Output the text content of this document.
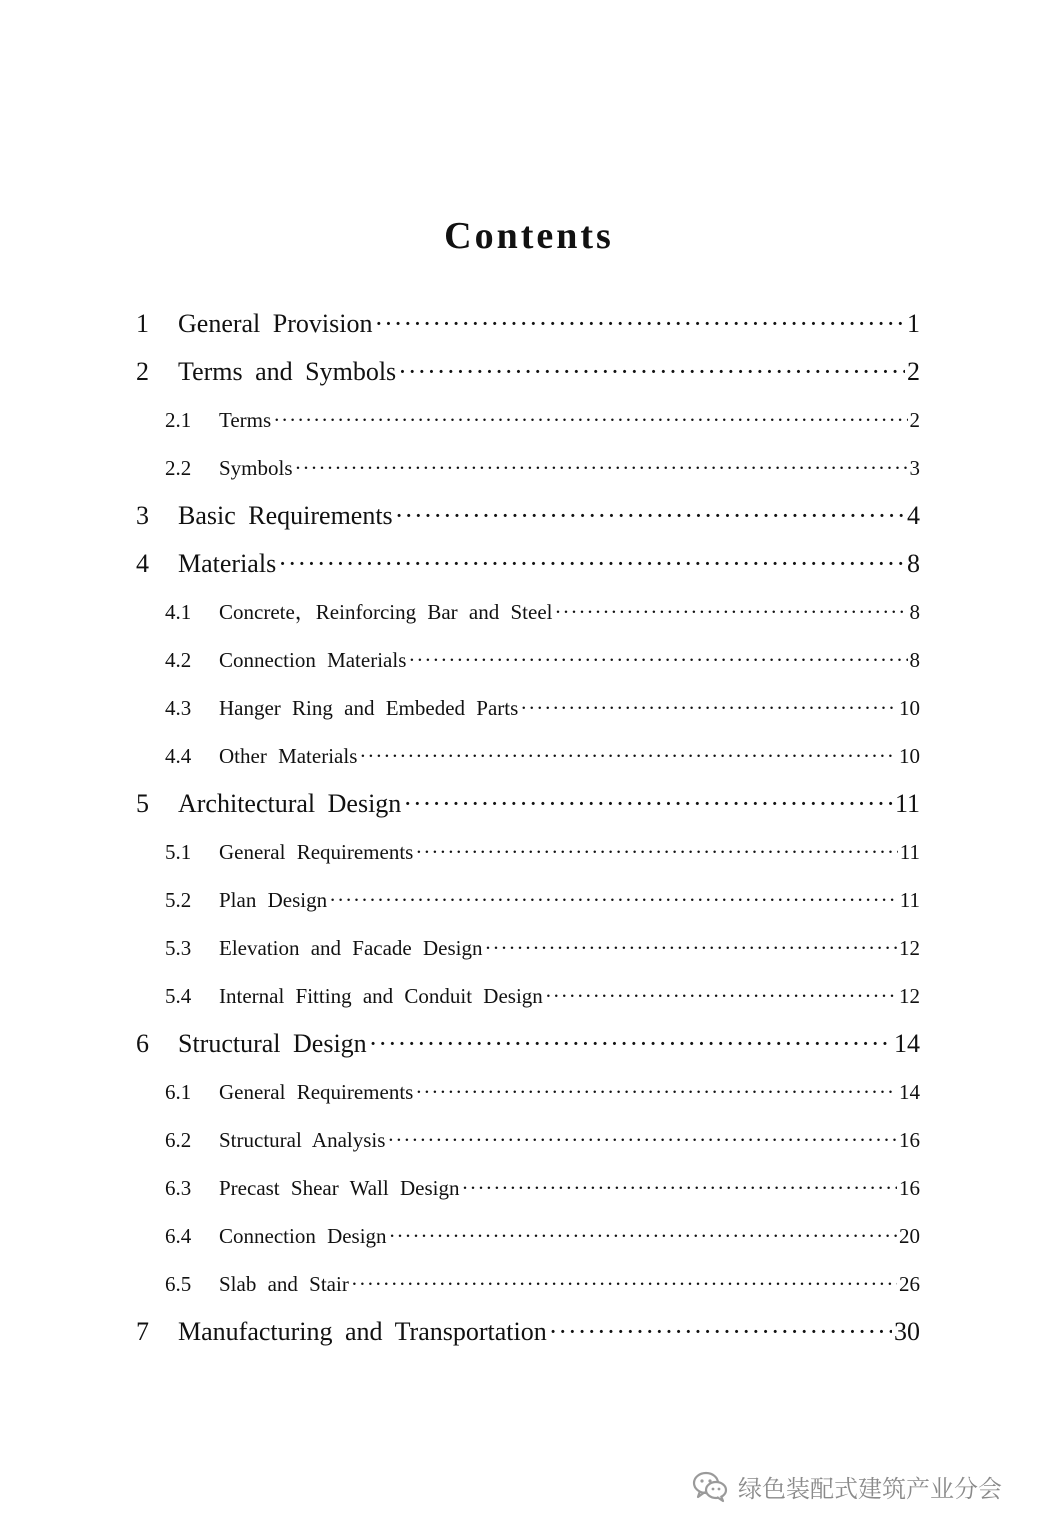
Contents
1	General Provision ·····	1
2	Terms and Symbols ·····	2
2.1	Terms ·····	2
2.2	Symbols ·····	3
3	Basic Requirements ·····	4
4	Materials ·····	8
4.1	Concrete，Reinforcing Bar and Steel ·····	8
4.2	Connection Materials ·····	8
4.3	Hanger Ring and Embeded Parts ·····	10
4.4	Other Materials ·····	10
5	Architectural Design ·····	11
5.1	General Requirements ·····	11
5.2	Plan Design ·····	11
5.3	Elevation and Facade Design ·····	12
5.4	Internal Fitting and Conduit Design ·····	12
6	Structural Design ·····	14
6.1	General Requirements ·····	14
6.2	Structural Analysis ·····	16
6.3	Precast Shear Wall Design ·····	16
6.4	Connection Design ·····	20
6.5	Slab and Stair ·····	26
7	Manufacturing and Transportation ·····	30
绿色装配式建筑产业分会
